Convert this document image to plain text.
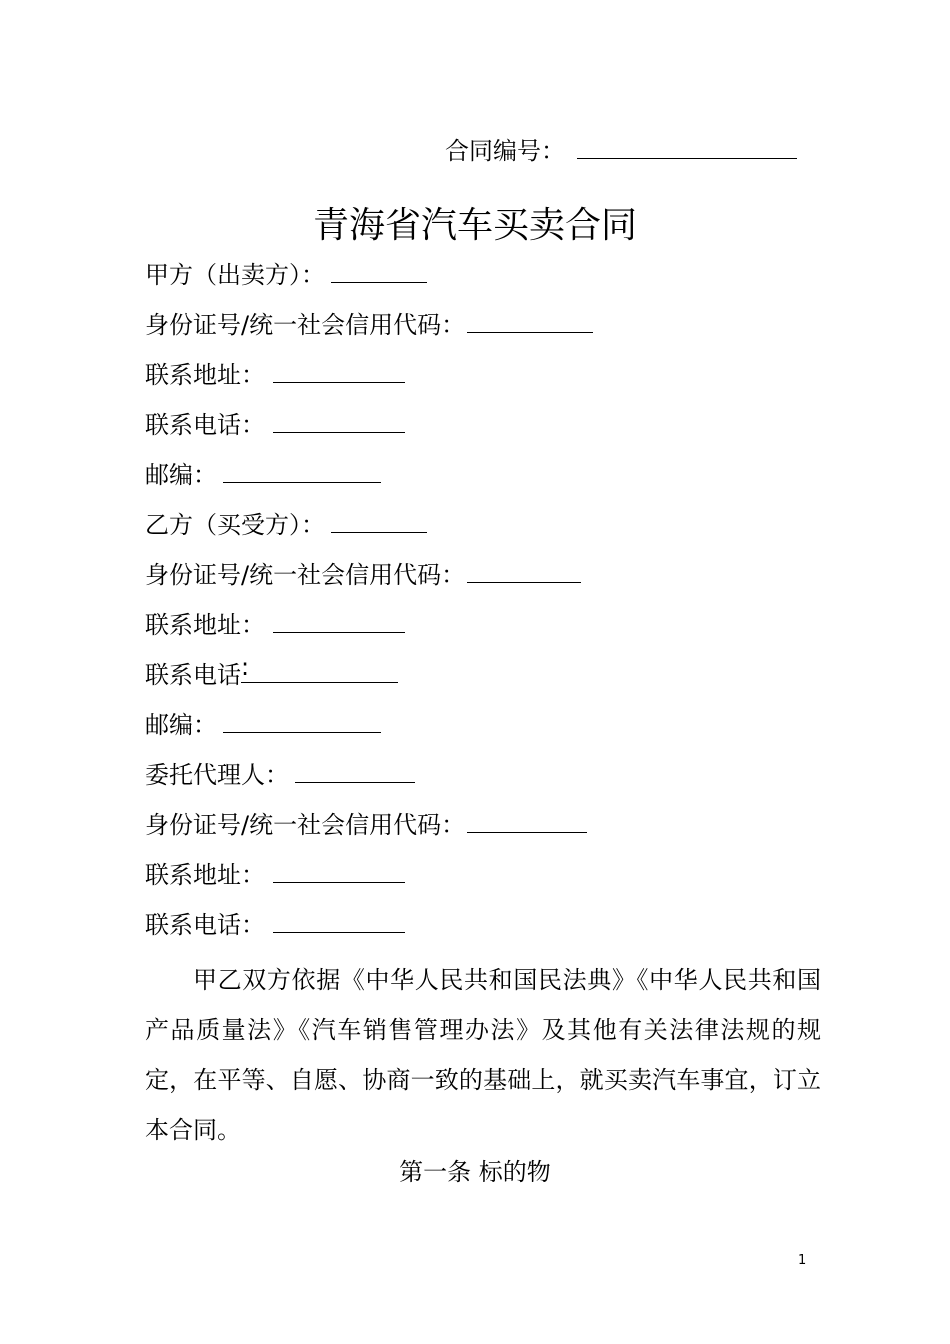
合同编号：
青海省汽车买卖合同
甲方（出卖方）：
身份证号/统一社会信用代码：
联系地址：
联系电话：
邮编：
乙方（买受方）：
身份证号/统一社会信用代码：
联系地址：
联系电话 :
邮编：
委托代理人：
身份证号/统一社会信用代码：
联系地址：
联系电话：
甲乙双方依据《中华人民共和国民法典》《中华人民共和国产品质量法》《汽车销售管理办法》及其他有关法律法规的规定，在平等、自愿、协商一致的基础上，就买卖汽车事宜，订立本合同。
第一条 标的物
1
